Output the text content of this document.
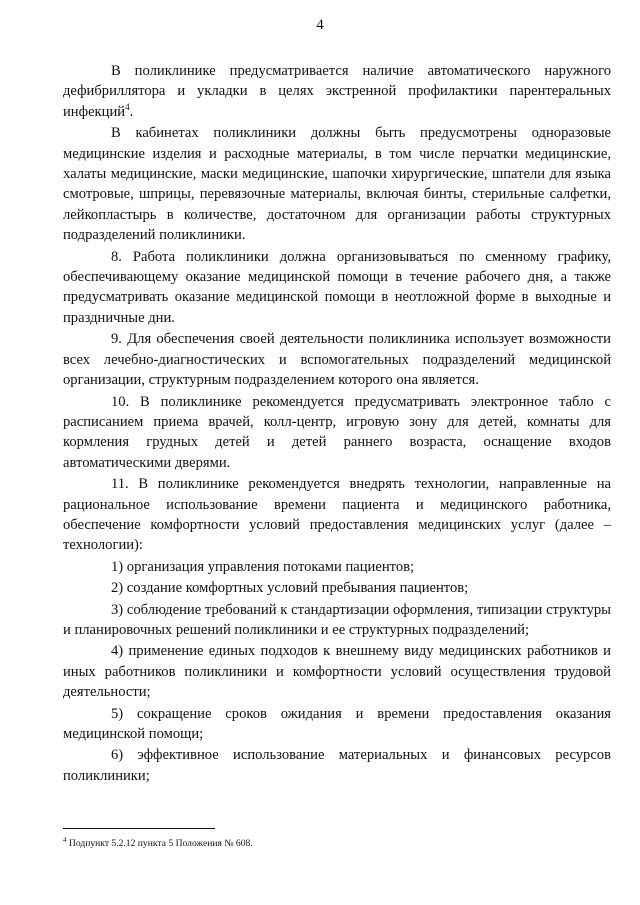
4

В поликлинике предусматривается наличие автоматического наружного дефибриллятора и укладки в целях экстренной профилактики парентеральных инфекций$^4$.

В кабинетах поликлиники должны быть предусмотрены одноразовые медицинские изделия и расходные материалы, в том числе перчатки медицинские, халаты медицинские, маски медицинские, шапочки хирургические, шпатели для языка смотровые, шприцы, перевязочные материалы, включая бинты, стерильные салфетки, лейкопластырь в количестве, достаточном для организации работы структурных подразделений поликлиники.

8. Работа поликлиники должна организовываться по сменному графику, обеспечивающему оказание медицинской помощи в течение рабочего дня, а также предусматривать оказание медицинской помощи в неотложной форме в выходные и праздничные дни.

9. Для обеспечения своей деятельности поликлиника использует возможности всех лечебно-диагностических и вспомогательных подразделений медицинской организации, структурным подразделением которого она является.

10. В поликлинике рекомендуется предусматривать электронное табло с расписанием приема врачей, колл-центр, игровую зону для детей, комнаты для кормления грудных детей и детей раннего возраста, оснащение входов автоматическими дверями.

11. В поликлинике рекомендуется внедрять технологии, направленные на рациональное использование времени пациента и медицинского работника, обеспечение комфортности условий предоставления медицинских услуг (далее – технологии):

1) организация управления потоками пациентов;

2) создание комфортных условий пребывания пациентов;

3) соблюдение требований к стандартизации оформления, типизации структуры и планировочных решений поликлиники и ее структурных подразделений;

4) применение единых подходов к внешнему виду медицинских работников и иных работников поликлиники и комфортности условий осуществления трудовой деятельности;

5) сокращение сроков ожидания и времени предоставления оказания медицинской помощи;

6) эффективное использование материальных и финансовых ресурсов поликлиники;

$^4$ Подпункт 5.2.12 пункта 5 Положения № 608.
